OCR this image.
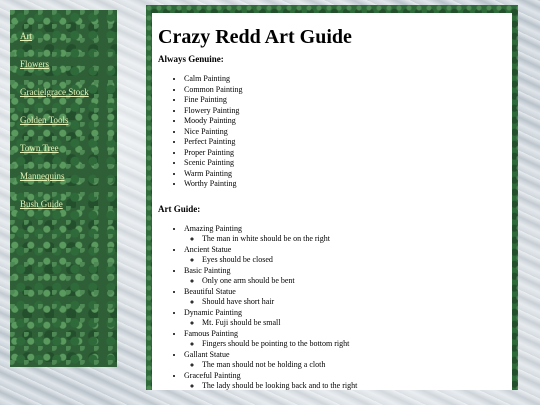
Art
Flowers
Gracielgrace Stock
Golden Tools
Town Tree
Mannequins
Bush Guide
Crazy Redd Art Guide
Always Genuine:
• Calm Painting
• Common Painting
• Fine Painting
• Flowery Painting
• Moody Painting
• Nice Painting
• Perfect Painting
• Proper Painting
• Scenic Painting
• Warm Painting
• Worthy Painting
Art Guide:
• Amazing Painting
◦ The man in white should be on the right
• Ancient Statue
◦ Eyes should be closed
• Basic Painting
◦ Only one arm should be bent
• Beautiful Statue
◦ Should have short hair
• Dynamic Painting
◦ Mt. Fuji should be small
• Famous Painting
◦ Fingers should be pointing to the bottom right
• Gallant Statue
◦ The man should not be holding a cloth
• Graceful Painting
◦ The lady should be looking back and to the right
